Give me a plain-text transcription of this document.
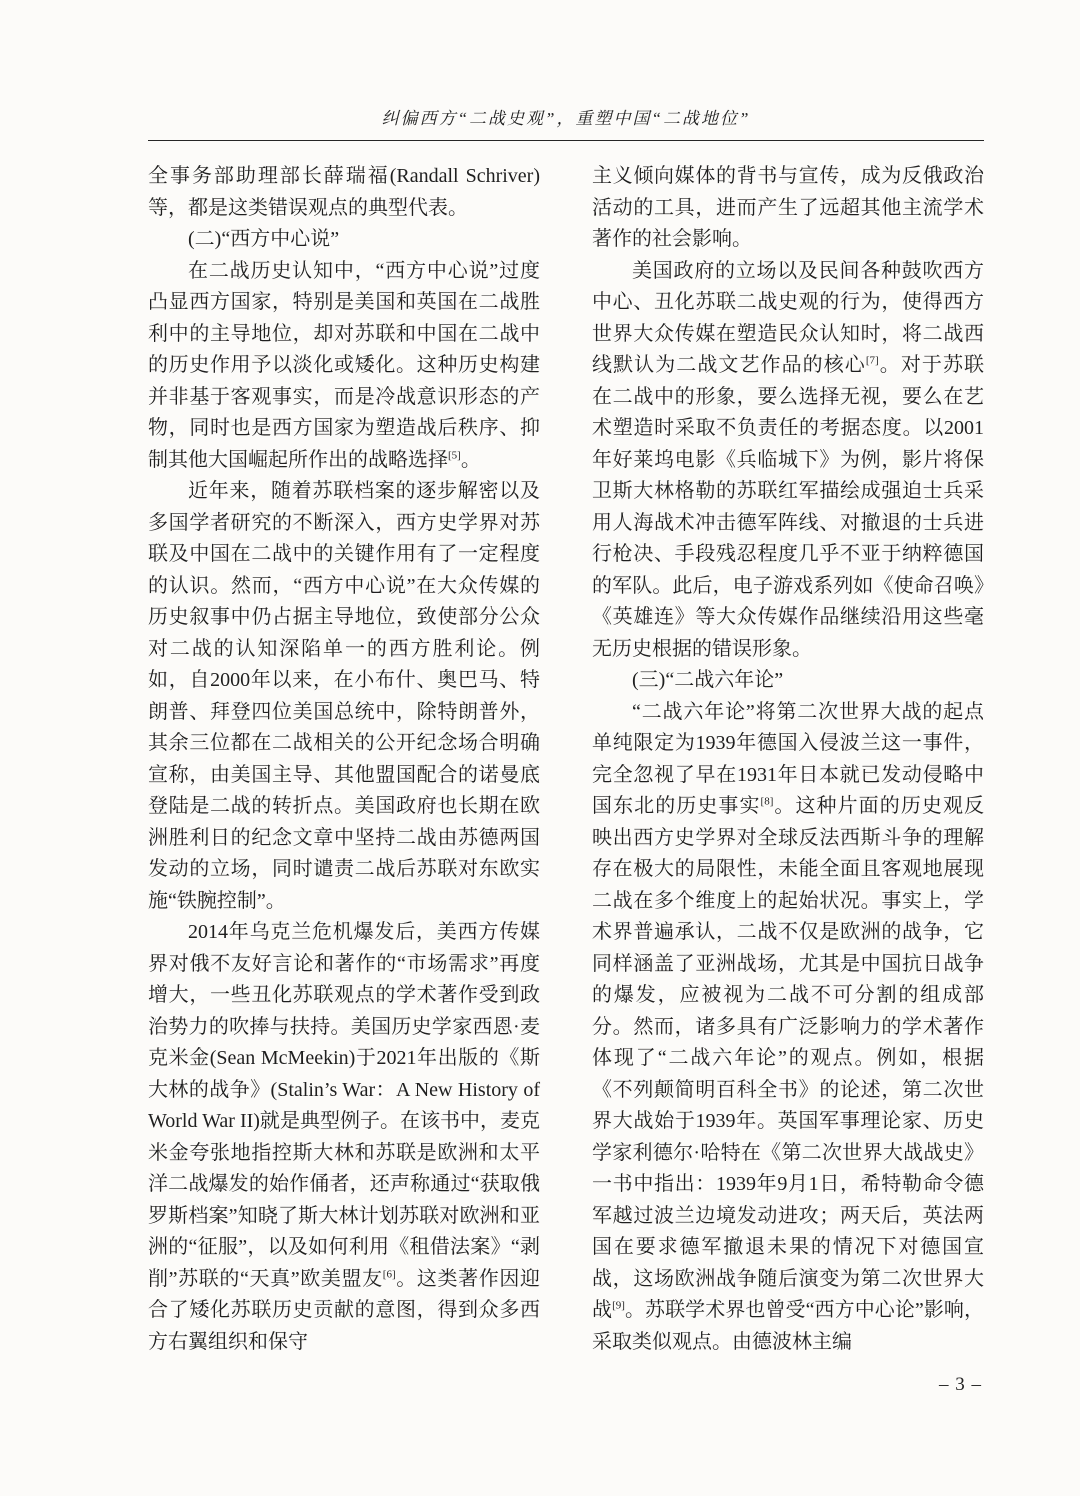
纠偏西方“二战史观”，重塑中国“二战地位”

全事务部助理部长薛瑞福(Randall Schriver)等，都是这类错误观点的典型代表。

(二)“西方中心说”

在二战历史认知中，“西方中心说”过度凸显西方国家，特别是美国和英国在二战胜利中的主导地位，却对苏联和中国在二战中的历史作用予以淡化或矮化。这种历史构建并非基于客观事实，而是冷战意识形态的产物，同时也是西方国家为塑造战后秩序、抑制其他大国崛起所作出的战略选择[5]。

近年来，随着苏联档案的逐步解密以及多国学者研究的不断深入，西方史学界对苏联及中国在二战中的关键作用有了一定程度的认识。然而，“西方中心说”在大众传媒的历史叙事中仍占据主导地位，致使部分公众对二战的认知深陷单一的西方胜利论。例如，自2000年以来，在小布什、奥巴马、特朗普、拜登四位美国总统中，除特朗普外，其余三位都在二战相关的公开纪念场合明确宣称，由美国主导、其他盟国配合的诺曼底登陆是二战的转折点。美国政府也长期在欧洲胜利日的纪念文章中坚持二战由苏德两国发动的立场，同时谴责二战后苏联对东欧实施“铁腕控制”。

2014年乌克兰危机爆发后，美西方传媒界对俄不友好言论和著作的“市场需求”再度增大，一些丑化苏联观点的学术著作受到政治势力的吹捧与扶持。美国历史学家西恩·麦克米金(Sean McMeekin)于2021年出版的《斯大林的战争》(Stalin’s War：A New History of World War II)就是典型例子。在该书中，麦克米金夸张地指控斯大林和苏联是欧洲和太平洋二战爆发的始作俑者，还声称通过“获取俄罗斯档案”知晓了斯大林计划苏联对欧洲和亚洲的“征服”，以及如何利用《租借法案》“剥削”苏联的“天真”欧美盟友[6]。这类著作因迎合了矮化苏联历史贡献的意图，得到众多西方右翼组织和保守

主义倾向媒体的背书与宣传，成为反俄政治活动的工具，进而产生了远超其他主流学术著作的社会影响。

美国政府的立场以及民间各种鼓吹西方中心、丑化苏联二战史观的行为，使得西方世界大众传媒在塑造民众认知时，将二战西线默认为二战文艺作品的核心[7]。对于苏联在二战中的形象，要么选择无视，要么在艺术塑造时采取不负责任的考据态度。以2001年好莱坞电影《兵临城下》为例，影片将保卫斯大林格勒的苏联红军描绘成强迫士兵采用人海战术冲击德军阵线、对撤退的士兵进行枪决、手段残忍程度几乎不亚于纳粹德国的军队。此后，电子游戏系列如《使命召唤》《英雄连》等大众传媒作品继续沿用这些毫无历史根据的错误形象。

(三)“二战六年论”

“二战六年论”将第二次世界大战的起点单纯限定为1939年德国入侵波兰这一事件，完全忽视了早在1931年日本就已发动侵略中国东北的历史事实[8]。这种片面的历史观反映出西方史学界对全球反法西斯斗争的理解存在极大的局限性，未能全面且客观地展现二战在多个维度上的起始状况。事实上，学术界普遍承认，二战不仅是欧洲的战争，它同样涵盖了亚洲战场，尤其是中国抗日战争的爆发，应被视为二战不可分割的组成部分。然而，诸多具有广泛影响力的学术著作体现了“二战六年论”的观点。例如，根据《不列颠简明百科全书》的论述，第二次世界大战始于1939年。英国军事理论家、历史学家利德尔·哈特在《第二次世界大战战史》一书中指出：1939年9月1日，希特勒命令德军越过波兰边境发动进攻；两天后，英法两国在要求德军撤退未果的情况下对德国宣战，这场欧洲战争随后演变为第二次世界大战[9]。苏联学术界也曾受“西方中心论”影响，采取类似观点。由德波林主编

– 3 –
